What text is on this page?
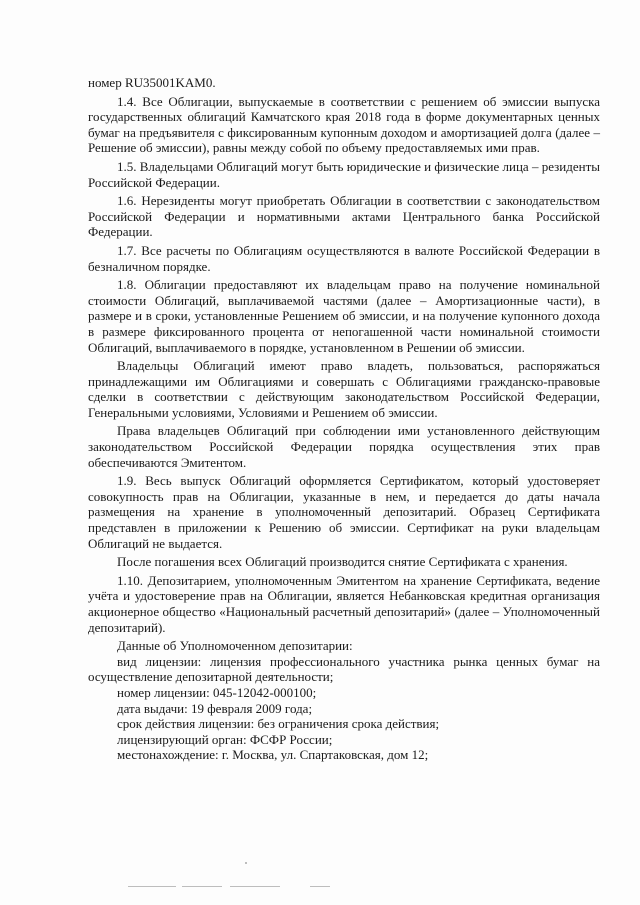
номер RU35001KAM0.

1.4. Все Облигации, выпускаемые в соответствии с решением об эмиссии выпуска государственных облигаций Камчатского края 2018 года в форме документарных ценных бумаг на предъявителя с фиксированным купонным доходом и амортизацией долга (далее – Решение об эмиссии), равны между собой по объему предоставляемых ими прав.

1.5. Владельцами Облигаций могут быть юридические и физические лица – резиденты Российской Федерации.

1.6. Нерезиденты могут приобретать Облигации в соответствии с законодательством Российской Федерации и нормативными актами Центрального банка Российской Федерации.

1.7. Все расчеты по Облигациям осуществляются в валюте Российской Федерации в безналичном порядке.

1.8. Облигации предоставляют их владельцам право на получение номинальной стоимости Облигаций, выплачиваемой частями (далее – Амортизационные части), в размере и в сроки, установленные Решением об эмиссии, и на получение купонного дохода в размере фиксированного процента от непогашенной части номинальной стоимости Облигаций, выплачиваемого в порядке, установленном в Решении об эмиссии.

Владельцы Облигаций имеют право владеть, пользоваться, распоряжаться принадлежащими им Облигациями и совершать с Облигациями гражданско-правовые сделки в соответствии с действующим законодательством Российской Федерации, Генеральными условиями, Условиями и Решением об эмиссии.

Права владельцев Облигаций при соблюдении ими установленного действующим законодательством Российской Федерации порядка осуществления этих прав обеспечиваются Эмитентом.

1.9. Весь выпуск Облигаций оформляется Сертификатом, который удостоверяет совокупность прав на Облигации, указанные в нем, и передается до даты начала размещения на хранение в уполномоченный депозитарий. Образец Сертификата представлен в приложении к Решению об эмиссии. Сертификат на руки владельцам Облигаций не выдается.

После погашения всех Облигаций производится снятие Сертификата с хранения.

1.10. Депозитарием, уполномоченным Эмитентом на хранение Сертификата, ведение учёта и удостоверение прав на Облигации, является Небанковская кредитная организация акционерное общество «Национальный расчетный депозитарий» (далее – Уполномоченный депозитарий).

Данные об Уполномоченном депозитарии:

вид лицензии: лицензия профессионального участника рынка ценных бумаг на осуществление депозитарной деятельности;

номер лицензии: 045-12042-000100;

дата выдачи: 19 февраля 2009 года;

срок действия лицензии: без ограничения срока действия;

лицензирующий орган: ФСФР России;

местонахождение: г. Москва, ул. Спартаковская, дом 12;
